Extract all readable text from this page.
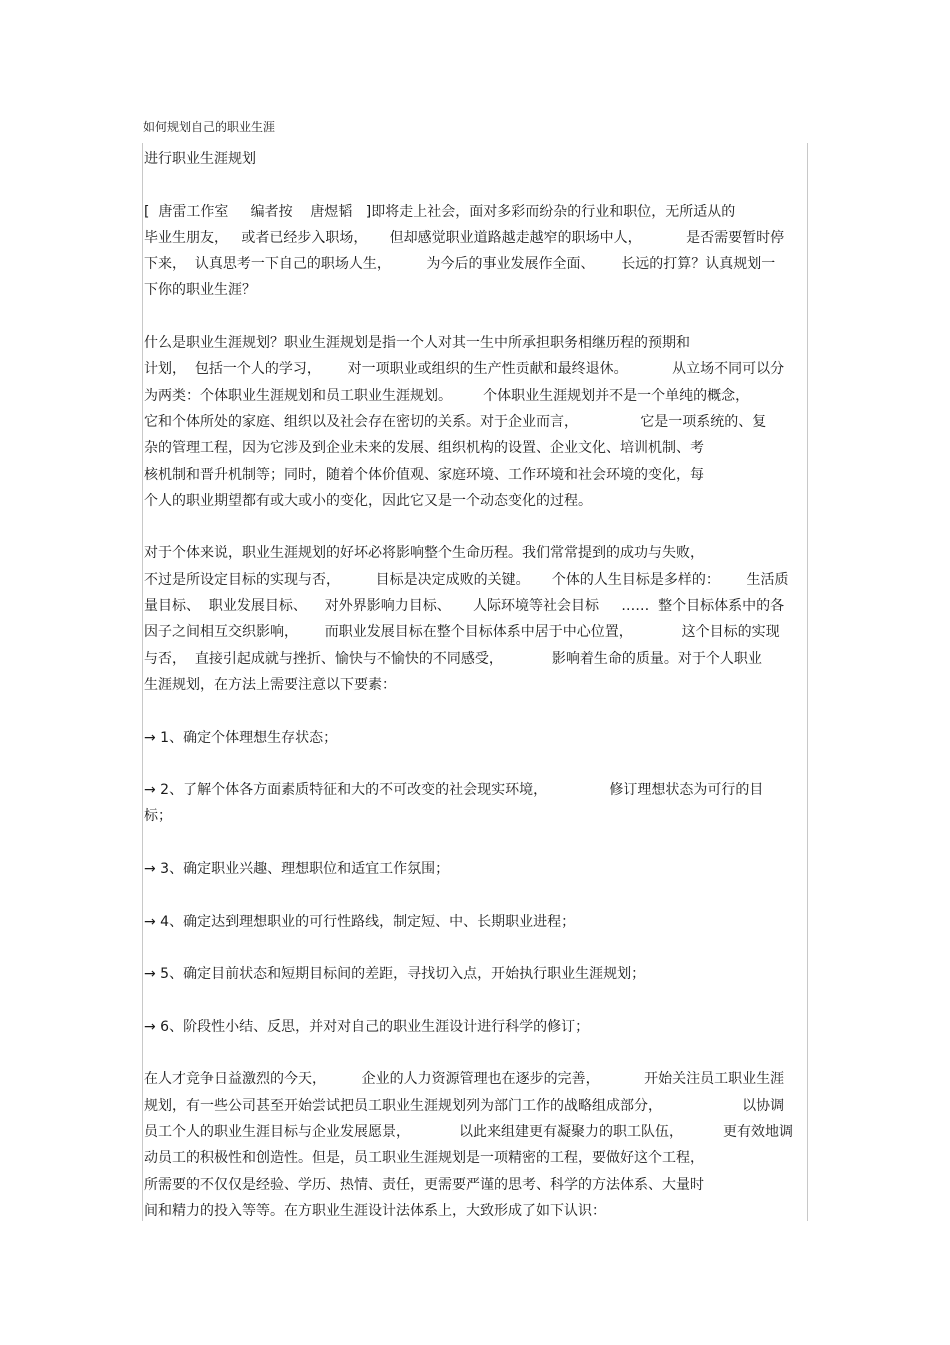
如何规划自己的职业生涯
进行职业生涯规划
[  唐雷工作室     编者按    唐煜韬   ]即将走上社会，面对多彩而纷杂的行业和职位，无所适从的
毕业生朋友，   或者已经步入职场，     但却感觉职业道路越走越窄的职场中人，          是否需要暂时停
下来，  认真思考一下自己的职场人生，        为今后的事业发展作全面、      长远的打算？认真规划一
下你的职业生涯？
什么是职业生涯规划？职业生涯规划是指一个人对其一生中所承担职务相继历程的预期和
计划，  包括一个人的学习，      对一项职业或组织的生产性贡献和最终退休。          从立场不同可以分
为两类：个体职业生涯规划和员工职业生涯规划。       个体职业生涯规划并不是一个单纯的概念，
它和个体所处的家庭、组织以及社会存在密切的关系。对于企业而言，              它是一项系统的、复
杂的管理工程，因为它涉及到企业未来的发展、组织机构的设置、企业文化、培训机制、考
核机制和晋升机制等；同时，随着个体价值观、家庭环境、工作环境和社会环境的变化，每
个人的职业期望都有或大或小的变化，因此它又是一个动态变化的过程。
对于个体来说，职业生涯规划的好坏必将影响整个生命历程。我们常常提到的成功与失败，
不过是所设定目标的实现与否，        目标是决定成败的关键。     个体的人生目标是多样的：      生活质
量目标、  职业发展目标、    对外界影响力目标、     人际环境等社会目标     ……  整个目标体系中的各
因子之间相互交织影响，      而职业发展目标在整个目标体系中居于中心位置，           这个目标的实现
与否，  直接引起成就与挫折、愉快与不愉快的不同感受，           影响着生命的质量。对于个人职业
生涯规划，在方法上需要注意以下要素：
→ 1、确定个体理想生存状态；
→ 2、了解个体各方面素质特征和大的不可改变的社会现实环境，              修订理想状态为可行的目
标；
→ 3、确定职业兴趣、理想职位和适宜工作氛围；
→ 4、确定达到理想职业的可行性路线，制定短、中、长期职业进程；
→ 5、确定目前状态和短期目标间的差距，寻找切入点，开始执行职业生涯规划；
→ 6、阶段性小结、反思，并对对自己的职业生涯设计进行科学的修订；
在人才竞争日益激烈的今天，        企业的人力资源管理也在逐步的完善，          开始关注员工职业生涯
规划，有一些公司甚至开始尝试把员工职业生涯规划列为部门工作的战略组成部分，                  以协调
员工个人的职业生涯目标与企业发展愿景，           以此来组建更有凝聚力的职工队伍，         更有效地调
动员工的积极性和创造性。但是，员工职业生涯规划是一项精密的工程，要做好这个工程，
所需要的不仅仅是经验、学历、热情、责任，更需要严谨的思考、科学的方法体系、大量时
间和精力的投入等等。在方职业生涯设计法体系上，大致形成了如下认识：
